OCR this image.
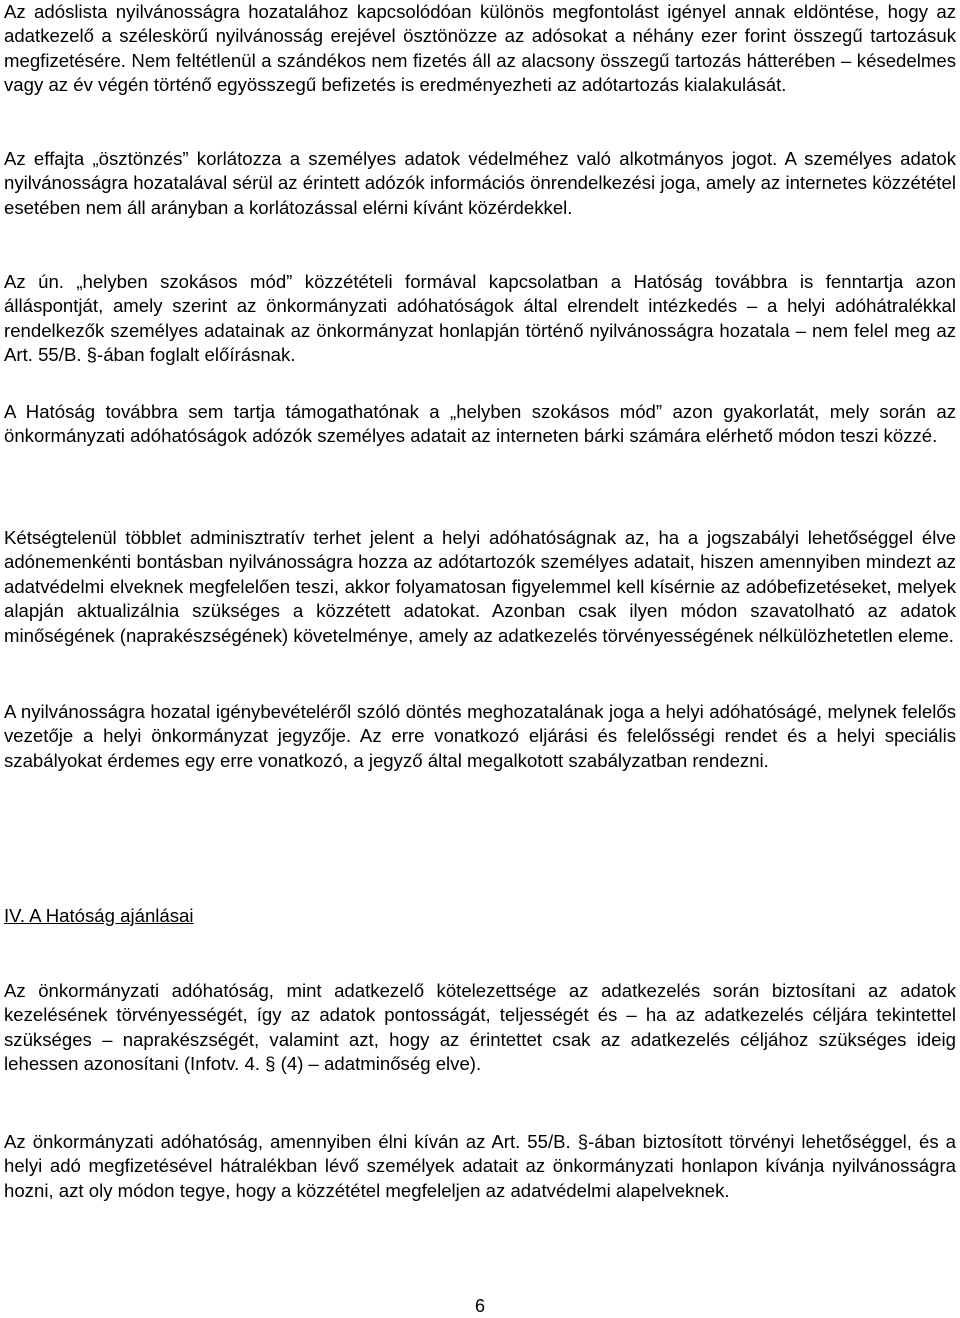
Az adóslista nyilvánosságra hozatalához kapcsolódóan különös megfontolást igényel annak eldöntése, hogy az adatkezelő a széleskörű nyilvánosság erejével ösztönözze az adósokat a néhány ezer forint összegű tartozásuk megfizetésére. Nem feltétlenül a szándékos nem fizetés áll az alacsony összegű tartozás hátterében – késedelmes vagy az év végén történő egyösszegű befizetés is eredményezheti az adótartozás kialakulását.

Az effajta „ösztönzés” korlátozza a személyes adatok védelméhez való alkotmányos jogot. A személyes adatok nyilvánosságra hozatalával sérül az érintett adózók információs önrendelkezési joga, amely az internetes közzététel esetében nem áll arányban a korlátozással elérni kívánt közérdekkel.

Az ún. „helyben szokásos mód” közzétételi formával kapcsolatban a Hatóság továbbra is fenntartja azon álláspontját, amely szerint az önkormányzati adóhatóságok által elrendelt intézkedés – a helyi adóhátralékkal rendelkezők személyes adatainak az önkormányzat honlapján történő nyilvánosságra hozatala – nem felel meg az Art. 55/B. §-ában foglalt előírásnak.

A Hatóság továbbra sem tartja támogathatónak a „helyben szokásos mód” azon gyakorlatát, mely során az önkormányzati adóhatóságok adózók személyes adatait az interneten bárki számára elérhető módon teszi közzé.

Kétségtelenül többlet adminisztratív terhet jelent a helyi adóhatóságnak az, ha a jogszabályi lehetőséggel élve adónemenkénti bontásban nyilvánosságra hozza az adótartozók személyes adatait, hiszen amennyiben mindezt az adatvédelmi elveknek megfelelően teszi, akkor folyamatosan figyelemmel kell kísérnie az adóbefizetéseket, melyek alapján aktualizálnia szükséges a közzétett adatokat. Azonban csak ilyen módon szavatolható az adatok minőségének (naprakészségének) követelménye, amely az adatkezelés törvényességének nélkülözhetetlen eleme.

A nyilvánosságra hozatal igénybevételéről szóló döntés meghozatalának joga a helyi adóhatóságé, melynek felelős vezetője a helyi önkormányzat jegyzője. Az erre vonatkozó eljárási és felelősségi rendet és a helyi speciális szabályokat érdemes egy erre vonatkozó, a jegyző által megalkotott szabályzatban rendezni.

IV. A Hatóság ajánlásai

Az önkormányzati adóhatóság, mint adatkezelő kötelezettsége az adatkezelés során biztosítani az adatok kezelésének törvényességét, így az adatok pontosságát, teljességét és – ha az adatkezelés céljára tekintettel szükséges – naprakészségét, valamint azt, hogy az érintettet csak az adatkezelés céljához szükséges ideig lehessen azonosítani (Infotv. 4. § (4) – adatminőség elve).

Az önkormányzati adóhatóság, amennyiben élni kíván az Art. 55/B. §-ában biztosított törvényi lehetőséggel, és a helyi adó megfizetésével hátralékban lévő személyek adatait az önkormányzati honlapon kívánja nyilvánosságra hozni, azt oly módon tegye, hogy a közzététel megfeleljen az adatvédelmi alapelveknek.

6
